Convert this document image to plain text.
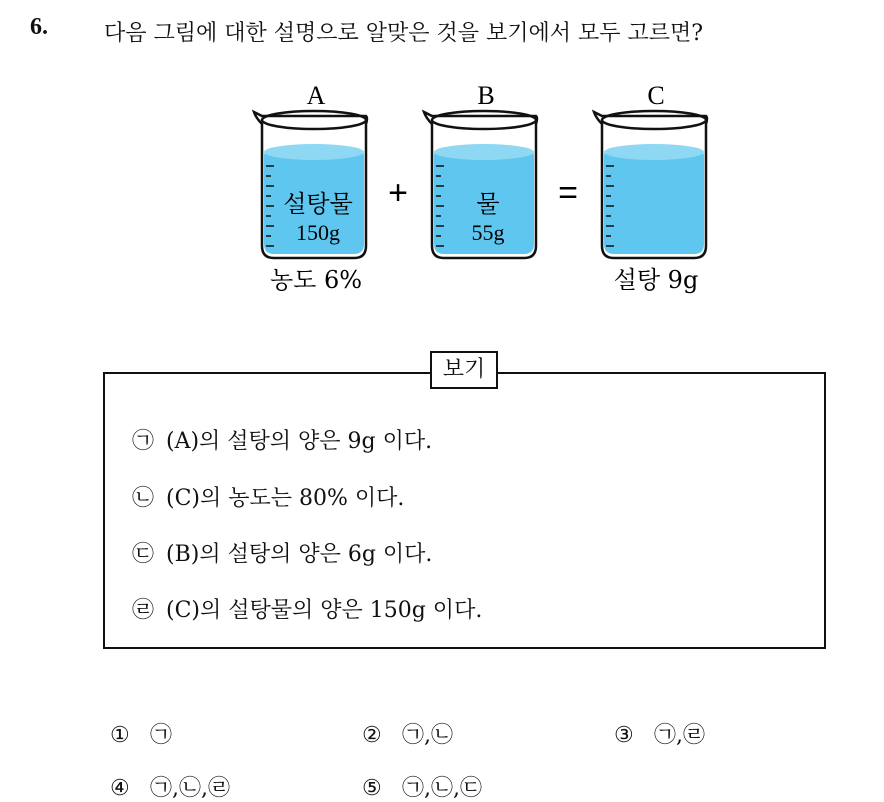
6.	다음 그림에 대한 설명으로 알맞은 것을 보기에서 모두 고르면?
A	B	C
설탕물
150g
물
55g
+	=
농도 6%	설탕 9g
보기
㉠ (A)의 설탕의 양은 9g 이다.
㉡ (C)의 농도는 80% 이다.
㉢ (B)의 설탕의 양은 6g 이다.
㉣ (C)의 설탕물의 양은 150g 이다.
① ㉠	② ㉠,㉡	③ ㉠,㉣
④ ㉠,㉡,㉣	⑤ ㉠,㉡,㉢
